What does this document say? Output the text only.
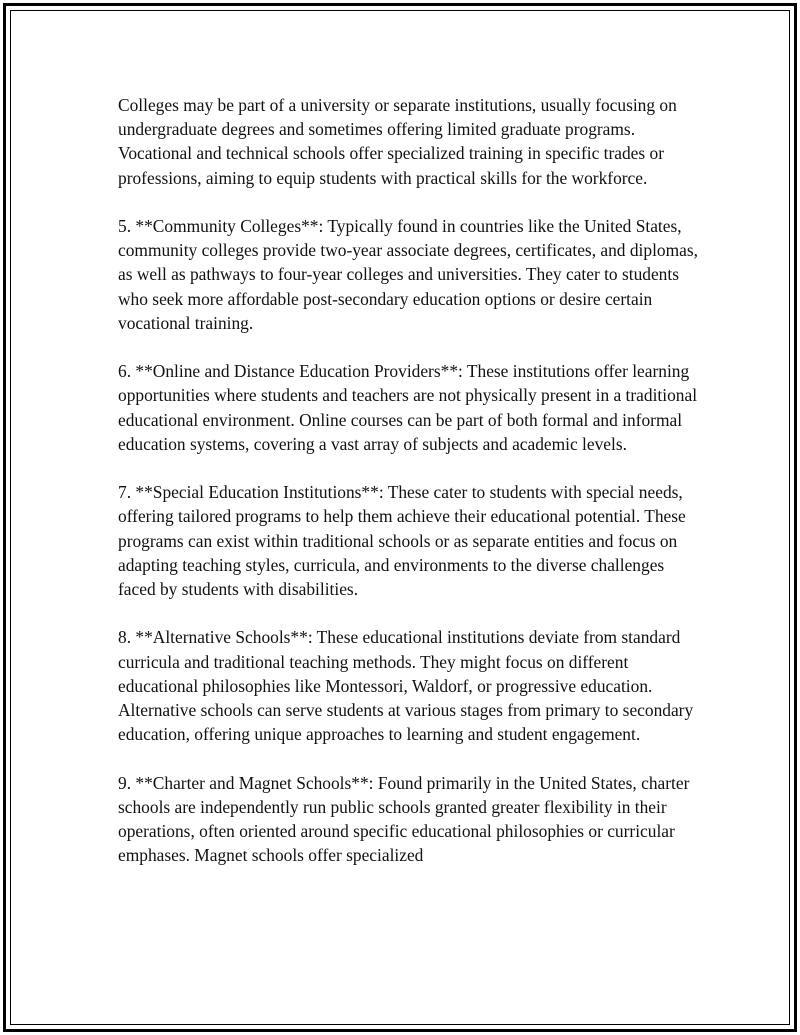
Colleges may be part of a university or separate institutions, usually focusing on undergraduate degrees and sometimes offering limited graduate programs. Vocational and technical schools offer specialized training in specific trades or professions, aiming to equip students with practical skills for the workforce.

5. **Community Colleges**: Typically found in countries like the United States, community colleges provide two-year associate degrees, certificates, and diplomas, as well as pathways to four-year colleges and universities. They cater to students who seek more affordable post-secondary education options or desire certain vocational training.

6. **Online and Distance Education Providers**: These institutions offer learning opportunities where students and teachers are not physically present in a traditional educational environment. Online courses can be part of both formal and informal education systems, covering a vast array of subjects and academic levels.

7. **Special Education Institutions**: These cater to students with special needs, offering tailored programs to help them achieve their educational potential. These programs can exist within traditional schools or as separate entities and focus on adapting teaching styles, curricula, and environments to the diverse challenges faced by students with disabilities.

8. **Alternative Schools**: These educational institutions deviate from standard curricula and traditional teaching methods. They might focus on different educational philosophies like Montessori, Waldorf, or progressive education. Alternative schools can serve students at various stages from primary to secondary education, offering unique approaches to learning and student engagement.

9. **Charter and Magnet Schools**: Found primarily in the United States, charter schools are independently run public schools granted greater flexibility in their operations, often oriented around specific educational philosophies or curricular emphases. Magnet schools offer specialized
